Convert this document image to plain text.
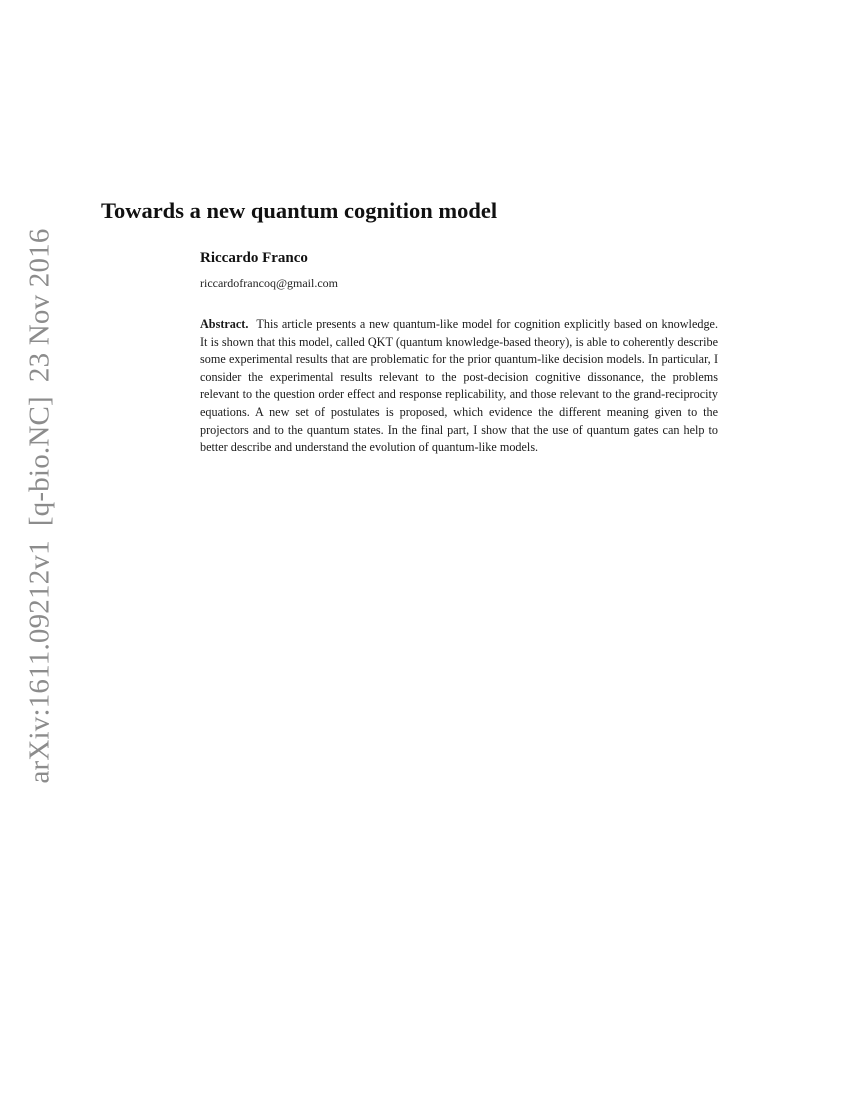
arXiv:1611.09212v1[q-bio.NC]23 Nov 2016
Towards a new quantum cognition model
Riccardo Franco
riccardofrancoq@gmail.com
Abstract. This article presents a new quantum-like model for cognition explicitly based on knowledge. It is shown that this model, called QKT (quantum knowledge-based theory), is able to coherently describe some experimental results that are problematic for the prior quantum-like decision models. In particular, I consider the experimental results relevant to the post-decision cognitive dissonance, the problems relevant to the question order effect and response replicability, and those relevant to the grand-reciprocity equations. A new set of postulates is proposed, which evidence the different meaning given to the projectors and to the quantum states. In the final part, I show that the use of quantum gates can help to better describe and understand the evolution of quantum-like models.
